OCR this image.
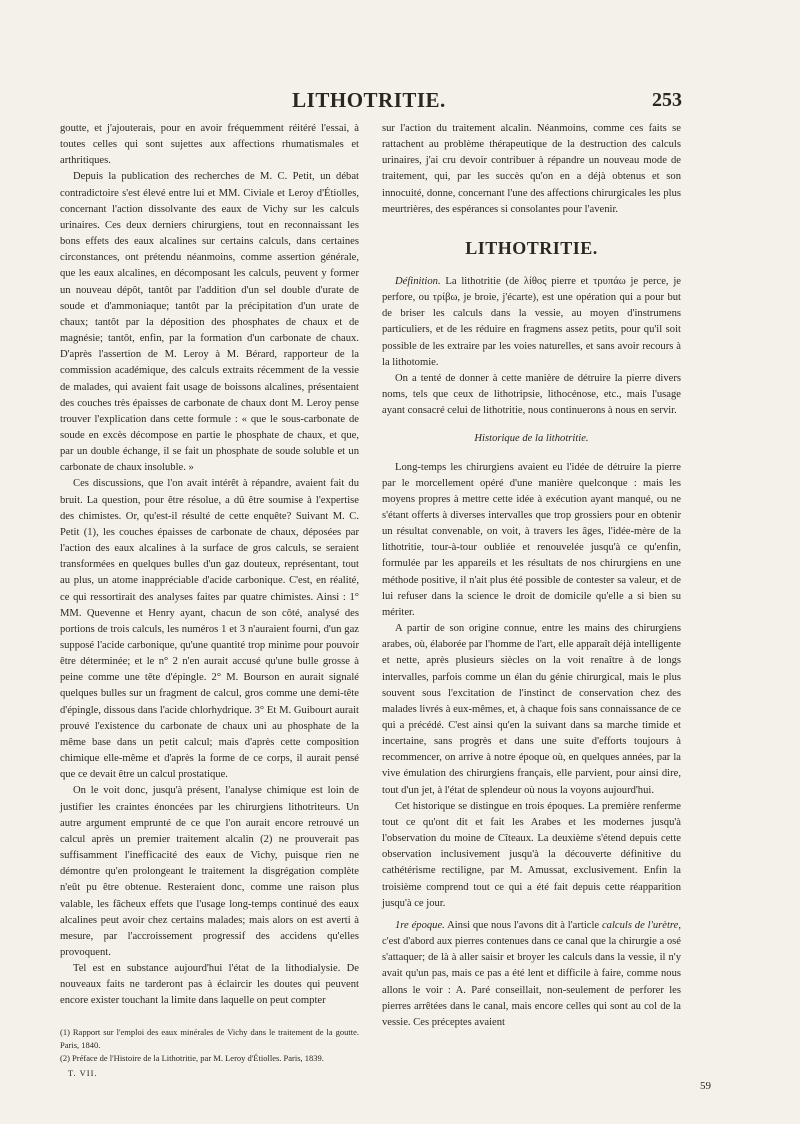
LITHOTRITIE.	253

goutte, et j'ajouterais, pour en avoir fréquemment réitéré l'essai, à toutes celles qui sont sujettes aux affections rhumatismales et arthritiques.

Depuis la publication des recherches de M. C. Petit, un débat contradictoire s'est élevé entre lui et MM. Civiale et Leroy d'Étiolles, concernant l'action dissolvante des eaux de Vichy sur les calculs urinaires. Ces deux derniers chirurgiens, tout en reconnaissant les bons effets des eaux alcalines sur certains calculs, dans certaines circonstances, ont prétendu néanmoins, comme assertion générale, que les eaux alcalines, en décomposant les calculs, peuvent y former un nouveau dépôt, tantôt par l'addition d'un sel double d'urate de soude et d'ammoniaque; tantôt par la précipitation d'un urate de chaux; tantôt par la déposition des phosphates de chaux et de magnésie; tantôt, enfin, par la formation d'un carbonate de chaux. D'après l'assertion de M. Leroy à M. Bérard, rapporteur de la commission académique, des calculs extraits récemment de la vessie de malades, qui avaient fait usage de boissons alcalines, présentaient des couches très épaisses de carbonate de chaux dont M. Leroy pense trouver l'explication dans cette formule : « que le sous-carbonate de soude en excès décompose en partie le phosphate de chaux, et que, par un double échange, il se fait un phosphate de soude soluble et un carbonate de chaux insoluble. »

Ces discussions, que l'on avait intérêt à répandre, avaient fait du bruit. La question, pour être résolue, a dû être soumise à l'expertise des chimistes. Or, qu'est-il résulté de cette enquête? Suivant M. C. Petit (1), les couches épaisses de carbonate de chaux, déposées par l'action des eaux alcalines à la surface de gros calculs, se seraient transformées en quelques bulles d'un gaz douteux, représentant, tout au plus, un atome inappréciable d'acide carbonique. C'est, en réalité, ce qui ressortirait des analyses faites par quatre chimistes. Ainsi : 1° MM. Quevenne et Henry ayant, chacun de son côté, analysé des portions de trois calculs, les numéros 1 et 3 n'auraient fourni, d'un gaz supposé l'acide carbonique, qu'une quantité trop minime pour pouvoir être déterminée; et le n° 2 n'en aurait accusé qu'une bulle grosse à peine comme une tête d'épingle. 2° M. Bourson en aurait signalé quelques bulles sur un fragment de calcul, gros comme une demi-tête d'épingle, dissous dans l'acide chlorhydrique. 3° Et M. Guibourt aurait prouvé l'existence du carbonate de chaux uni au phosphate de la même base dans un petit calcul; mais d'après cette composition chimique elle-même et d'après la forme de ce corps, il aurait pensé que ce devait être un calcul prostatique.

On le voit donc, jusqu'à présent, l'analyse chimique est loin de justifier les craintes énoncées par les chirurgiens lithotriteurs. Un autre argument emprunté de ce que l'on aurait encore retrouvé un calcul après un premier traitement alcalin (2) ne prouverait pas suffisamment l'inefficacité des eaux de Vichy, puisque rien ne démontre qu'en prolongeant le traitement la disgrégation complète n'eût pu être obtenue. Resteraient donc, comme une raison plus valable, les fâcheux effets que l'usage long-temps continué des eaux alcalines peut avoir chez certains malades; mais alors on est averti à mesure, par l'accroissement progressif des accidens qu'elles provoquent.

Tel est en substance aujourd'hui l'état de la lithodialysie. De nouveaux faits ne tarderont pas à éclaircir les doutes qui peuvent encore exister touchant la limite dans laquelle on peut compter

(1) Rapport sur l'emploi des eaux minérales de Vichy dans le traitement de la goutte. Paris, 1840.
(2) Préface de l'Histoire de la Lithotritie, par M. Leroy d'Étiolles. Paris, 1839.
T. VII.

sur l'action du traitement alcalin. Néanmoins, comme ces faits se rattachent au problème thérapeutique de la destruction des calculs urinaires, j'ai cru devoir contribuer à répandre un nouveau mode de traitement, qui, par les succès qu'on en a déjà obtenus et son innocuité, donne, concernant l'une des affections chirurgicales les plus meurtrières, des espérances si consolantes pour l'avenir.

LITHOTRITIE.

Définition. La lithotritie (de λίθος pierre et τρυπάω je perce, je perfore, ou τρίβω, je broie, j'écarte), est une opération qui a pour but de briser les calculs dans la vessie, au moyen d'instrumens particuliers, et de les réduire en fragmens assez petits, pour qu'il soit possible de les extraire par les voies naturelles, et sans avoir recours à la lithotomie.

On a tenté de donner à cette manière de détruire la pierre divers noms, tels que ceux de lithotripsie, lithocénose, etc., mais l'usage ayant consacré celui de lithotritie, nous continuerons à nous en servir.

Historique de la lithotritie.

Long-temps les chirurgiens avaient eu l'idée de détruire la pierre par le morcellement opéré d'une manière quelconque : mais les moyens propres à mettre cette idée à exécution ayant manqué, ou ne s'étant offerts à diverses intervalles que trop grossiers pour en obtenir un résultat convenable, on voit, à travers les âges, l'idée-mère de la lithotritie, tour-à-tour oubliée et renouvelée jusqu'à ce qu'enfin, formulée par les appareils et les résultats de nos chirurgiens en une méthode positive, il n'ait plus été possible de contester sa valeur, et de lui refuser dans la science le droit de domicile qu'elle a si bien su mériter.

A partir de son origine connue, entre les mains des chirurgiens arabes, où, élaborée par l'homme de l'art, elle apparaît déjà intelligente et nette, après plusieurs siècles on la voit renaître à de longs intervalles, parfois comme un élan du génie chirurgical, mais le plus souvent sous l'excitation de l'instinct de conservation chez des malades livrés à eux-mêmes, et, à chaque fois sans connaissance de ce qui a précédé. C'est ainsi qu'en la suivant dans sa marche timide et incertaine, sans progrès et dans une suite d'efforts toujours à recommencer, on arrive à notre époque où, en quelques années, par la vive émulation des chirurgiens français, elle parvient, pour ainsi dire, tout d'un jet, à l'état de splendeur où nous la voyons aujourd'hui.

Cet historique se distingue en trois époques. La première renferme tout ce qu'ont dit et fait les Arabes et les modernes jusqu'à l'observation du moine de Cîteaux. La deuxième s'étend depuis cette observation inclusivement jusqu'à la découverte définitive du cathétérisme rectiligne, par M. Amussat, exclusivement. Enfin la troisième comprend tout ce qui a été fait depuis cette réapparition jusqu'à ce jour.

1re époque. Ainsi que nous l'avons dit à l'article calculs de l'urètre, c'est d'abord aux pierres contenues dans ce canal que la chirurgie a osé s'attaquer; de là à aller saisir et broyer les calculs dans la vessie, il n'y avait qu'un pas, mais ce pas a été lent et difficile à faire, comme nous allons le voir : A. Paré conseillait, non-seulement de perforer les pierres arrêtées dans le canal, mais encore celles qui sont au col de la vessie. Ces préceptes avaient

59
